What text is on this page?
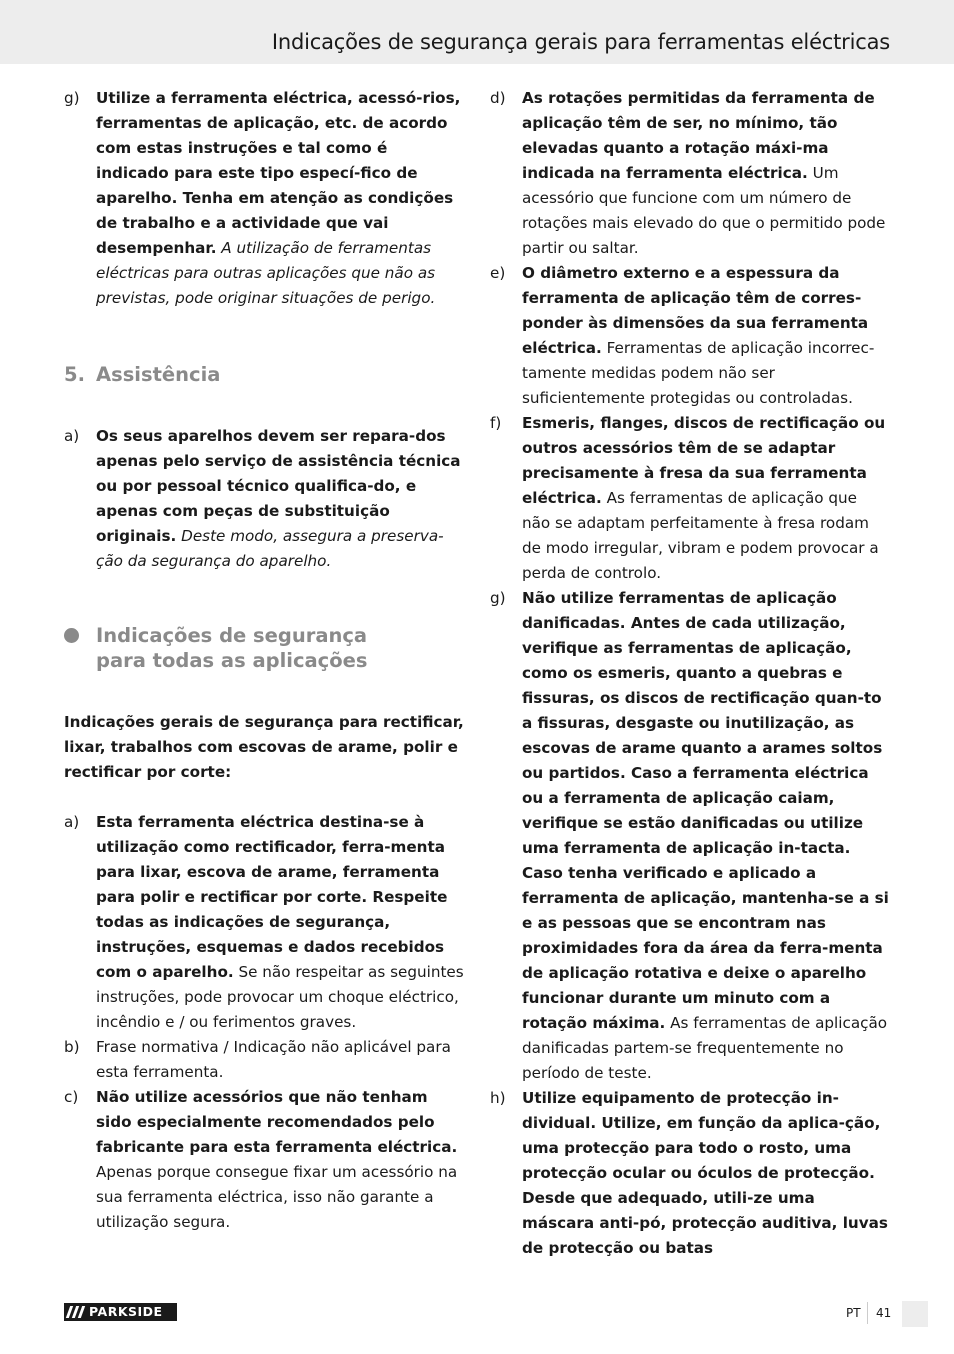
Indicações de segurança gerais para ferramentas eléctricas
g)	Utilize a ferramenta eléctrica, acessó-rios, ferramentas de aplicação, etc. de acordo com estas instruções e tal como é indicado para este tipo especí-fico de aparelho. Tenha em atenção as condições de trabalho e a actividade que vai desempenhar. A utilização de ferramentas eléctricas para outras aplicações que não as previstas, pode originar situações de perigo.
5. Assistência
a)	Os seus aparelhos devem ser repara-dos apenas pelo serviço de assistência técnica ou por pessoal técnico qualifica-do, e apenas com peças de substituição originais. Deste modo, assegura a preserva-ção da segurança do aparelho.
Indicações de segurança
para todas as aplicações
Indicações gerais de segurança para rectificar, lixar, trabalhos com escovas de arame, polir e rectificar por corte:
a)	Esta ferramenta eléctrica destina-se à utilização como rectificador, ferra-menta para lixar, escova de arame, ferramenta para polir e rectificar por corte. Respeite todas as indicações de segurança, instruções, esquemas e dados recebidos com o aparelho. Se não respeitar as seguintes instruções, pode provocar um choque eléctrico, incêndio e / ou ferimentos graves.
b)	Frase normativa / Indicação não aplicável para esta ferramenta.
c)	Não utilize acessórios que não tenham sido especialmente recomendados pelo fabricante para esta ferramenta eléctrica. Apenas porque consegue fixar um acessório na sua ferramenta eléctrica, isso não garante a utilização segura.
d)	As rotações permitidas da ferramenta de aplicação têm de ser, no mínimo, tão elevadas quanto a rotação máxi-ma indicada na ferramenta eléctrica. Um acessório que funcione com um número de rotações mais elevado do que o permitido pode partir ou saltar.
e)	O diâmetro externo e a espessura da ferramenta de aplicação têm de corres-ponder às dimensões da sua ferramenta eléctrica. Ferramentas de aplicação incorrec-tamente medidas podem não ser suficientemente protegidas ou controladas.
f)	Esmeris, flanges, discos de rectificação ou outros acessórios têm de se adaptar precisamente à fresa da sua ferramenta eléctrica. As ferramentas de aplicação que não se adaptam perfeitamente à fresa rodam de modo irregular, vibram e podem provocar a perda de controlo.
g)	Não utilize ferramentas de aplicação danificadas. Antes de cada utilização, verifique as ferramentas de aplicação, como os esmeris, quanto a quebras e fissuras, os discos de rectificação quan-to a fissuras, desgaste ou inutilização, as escovas de arame quanto a arames soltos ou partidos. Caso a ferramenta eléctrica ou a ferramenta de aplicação caiam, verifique se estão danificadas ou utilize uma ferramenta de aplicação in-tacta. Caso tenha verificado e aplicado a ferramenta de aplicação, mantenha-se a si e as pessoas que se encontram nas proximidades fora da área da ferra-menta de aplicação rotativa e deixe o aparelho funcionar durante um minuto com a rotação máxima. As ferramentas de aplicação danificadas partem-se frequentemente no período de teste.
h)	Utilize equipamento de protecção in-dividual. Utilize, em função da aplica-ção, uma protecção para todo o rosto, uma protecção ocular ou óculos de protecção. Desde que adequado, utili-ze uma máscara anti-pó, protecção auditiva, luvas de protecção ou batas
PARKSIDE	PT 41
